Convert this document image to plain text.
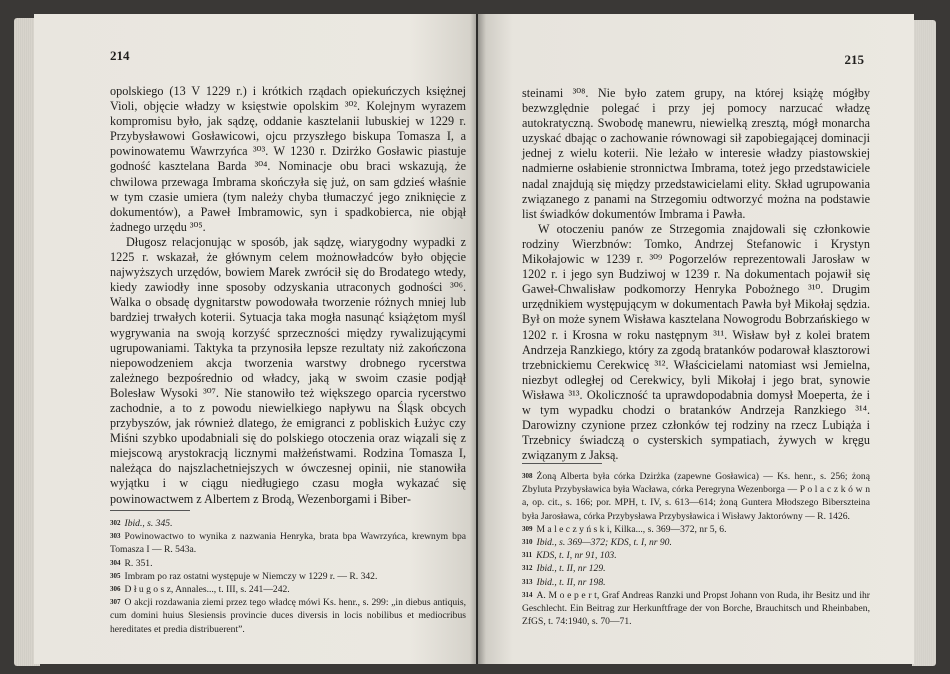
214

opolskiego (13 V 1229 r.) i krótkich rządach opiekuńczych księżnej Violi, objęcie władzy w księstwie opolskim ³⁰². Kolejnym wyrazem kompromisu było, jak sądzę, oddanie kasztelanii lubuskiej w 1229 r. Przybysławowi Gosławicowi, ojcu przyszłego biskupa Tomasza I, a powinowatemu Wawrzyńca ³⁰³. W 1230 r. Dzirżko Gosławic piastuje godność kasztelana Barda ³⁰⁴. Nominacje obu braci wskazują, że chwilowa przewaga Imbrama skończyła się już, on sam gdzieś właśnie w tym czasie umiera (tym należy chyba tłumaczyć jego zniknięcie z dokumentów), a Paweł Imbramowic, syn i spadkobierca, nie objął żadnego urzędu ³⁰⁵.

Długosz relacjonując w sposób, jak sądzę, wiarygodny wypadki z 1225 r. wskazał, że głównym celem możnowładców było objęcie najwyższych urzędów, bowiem Marek zwrócił się do Brodatego wtedy, kiedy zawiodły inne sposoby odzyskania utraconych godności ³⁰⁶. Walka o obsadę dygnitarstw powodowała tworzenie różnych mniej lub bardziej trwałych koterii. Sytuacja taka mogła nasunąć książętom myśl wygrywania na swoją korzyść sprzeczności między rywalizującymi ugrupowaniami. Taktyka ta przynosiła lepsze rezultaty niż zakończona niepowodzeniem akcja tworzenia warstwy drobnego rycerstwa zależnego bezpośrednio od władcy, jaką w swoim czasie podjął Bolesław Wysoki ³⁰⁷. Nie stanowiło też większego oparcia rycerstwo zachodnie, a to z powodu niewielkiego napływu na Śląsk obcych przybyszów, jak również dlatego, że emigranci z pobliskich Łużyc czy Miśni szybko upodabniali się do polskiego otoczenia oraz wiązali się z miejscową arystokracją licznymi małżeństwami. Rodzina Tomasza I, należąca do najszlachetniejszych w ówczesnej opinii, nie stanowiła wyjątku i w ciągu niedługiego czasu mogła wykazać się powinowactwem z Albertem z Brodą, Wezenborgami i Biber-

$^{302}$ Ibid., s. 345.
$^{303}$ Powinowactwo to wynika z nazwania Henryka, brata bpa Wawrzyńca, krewnym bpa Tomasza I — R. 543a.
$^{304}$ R. 351.
$^{305}$ Imbram po raz ostatni występuje w Niemczy w 1229 r. — R. 342.
$^{306}$ D ł u g o s z, Annales..., t. III, s. 241—242.
$^{307}$ O akcji rozdawania ziemi przez tego władcę mówi Ks. henr., s. 299: „in diebus antiquis, cum domini huius Slesiensis provincie duces diversis in locis nobilibus et mediocribus hereditates et predia distribuerent”.
215

steinami ³⁰⁸. Nie było zatem grupy, na której książę mógłby bezwzględnie polegać i przy jej pomocy narzucać władzę autokratyczną. Swobodę manewru, niewielką zresztą, mógł monarcha uzyskać dbając o zachowanie równowagi sił zapobiegającej dominacji jednej z wielu koterii. Nie leżało w interesie władzy piastowskiej nadmierne osłabienie stronnictwa Imbrama, toteż jego przedstawiciele nadal znajdują się między przedstawicielami elity. Skład ugrupowania związanego z panami na Strzegomiu odtworzyć można na podstawie list świadków dokumentów Imbrama i Pawła.

W otoczeniu panów ze Strzegomia znajdowali się członkowie rodziny Wierzbnów: Tomko, Andrzej Stefanowic i Krystyn Mikołajowic w 1239 r. ³⁰⁹ Pogorzelów reprezentowali Jarosław w 1202 r. i jego syn Budziwoj w 1239 r. Na dokumentach pojawił się Gaweł-Chwalisław podkomorzy Henryka Pobożnego ³¹⁰. Drugim urzędnikiem występującym w dokumentach Pawła był Mikołaj sędzia. Był on może synem Wisława kasztelana Nowogrodu Bobrzańskiego w 1202 r. i Krosna w roku następnym ³¹¹. Wisław był z kolei bratem Andrzeja Ranzkiego, który za zgodą bratanków podarował klasztorowi trzebnickiemu Cerekwicę ³¹². Właścicielami natomiast wsi Jemielna, niezbyt odległej od Cerekwicy, byli Mikołaj i jego brat, synowie Wisława ³¹³. Okoliczność ta uprawdopodabnia domysł Moeperta, że i w tym wypadku chodzi o bratanków Andrzeja Ranzkiego ³¹⁴. Darowizny czynione przez członków tej rodziny na rzecz Lubiąża i Trzebnicy świadczą o cysterskich sympatiach, żywych w kręgu związanym z Jaksą.

$^{308}$ Żoną Alberta była córka Dzirżka (zapewne Gosławica) — Ks. henr., s. 256; żoną Zbyluta Przybysławica była Wacława, córka Peregryna Wezenborga — P o l a c z k ó w n a, op. cit., s. 166; por. MPH, t. IV, s. 613—614; żoną Guntera Młodszego Biberszteina była Jarosława, córka Przybysława Przybysławica i Wisławy Jaktorówny — R. 1426.
$^{309}$ M a l e c z y ń s k i, Kilka..., s. 369—372, nr 5, 6.
$^{310}$ Ibid., s. 369—372; KDS, t. I, nr 90.
$^{311}$ KDS, t. I, nr 91, 103.
$^{312}$ Ibid., t. II, nr 129.
$^{313}$ Ibid., t. II, nr 198.
$^{314}$ A. M o e p e r t, Graf Andreas Ranzki und Propst Johann von Ruda, ihr Besitz und ihr Geschlecht. Ein Beitrag zur Herkunftfrage der von Borche, Brauchitsch und Rheinbaben, ZfGS, t. 74:1940, s. 70—71.
